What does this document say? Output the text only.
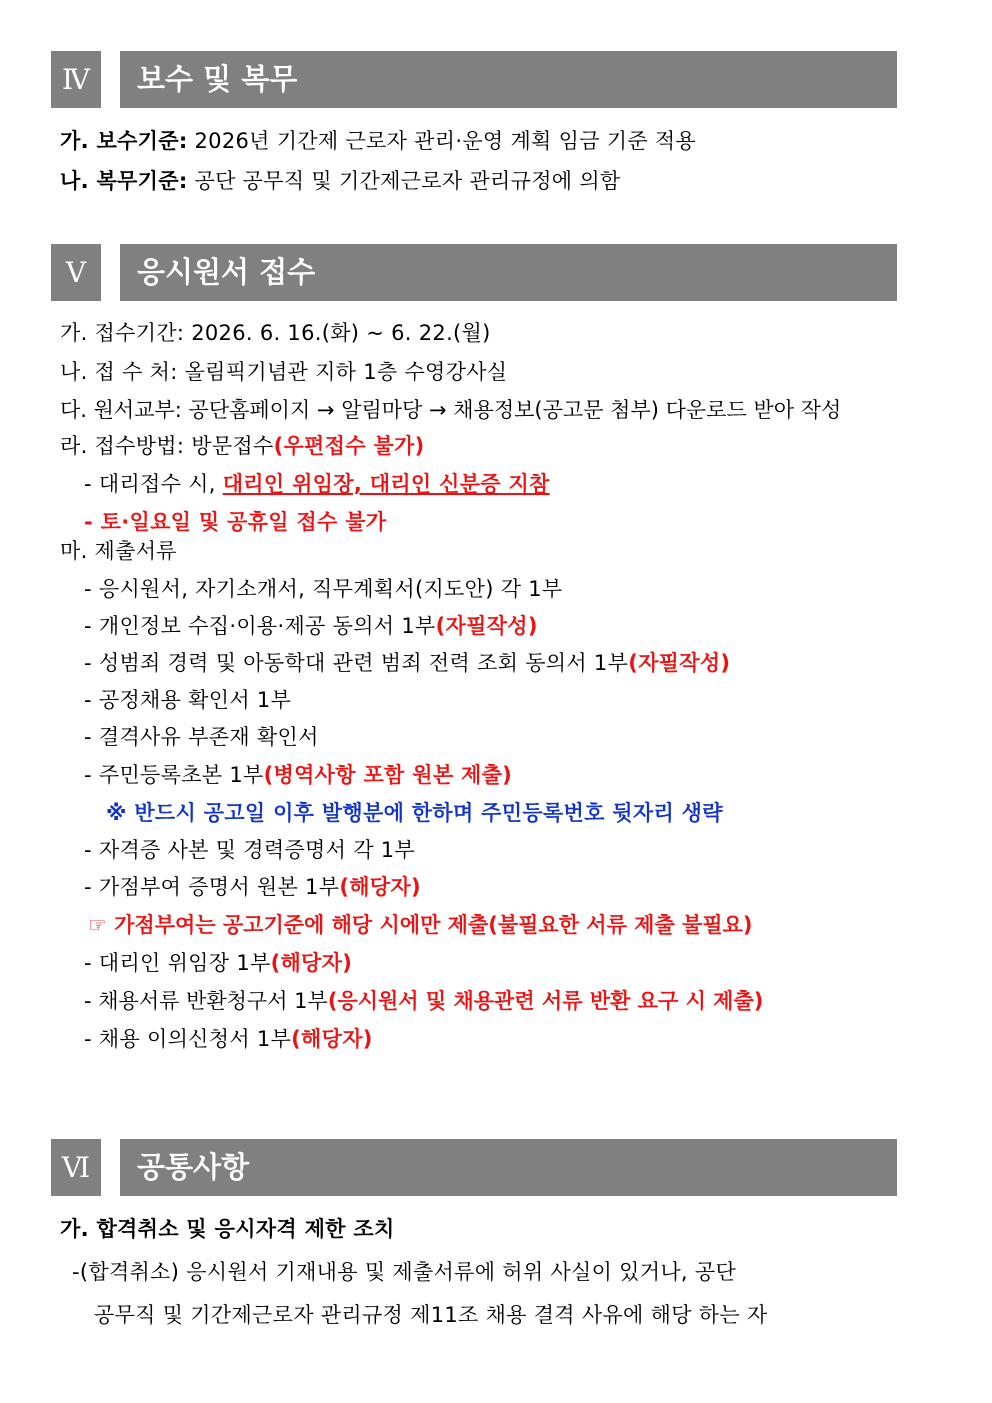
Ⅳ	보수 및 복무
가. 보수기준: 2026년 기간제 근로자 관리·운영 계획 임금 기준 적용
나. 복무기준: 공단 공무직 및 기간제근로자 관리규정에 의함
Ⅴ	응시원서 접수
가. 접수기간: 2026. 6. 16.(화) ~ 6. 22.(월)
나. 접 수 처: 올림픽기념관 지하 1층 수영강사실
다. 원서교부: 공단홈페이지 → 알림마당 → 채용정보(공고문 첨부) 다운로드 받아 작성
라. 접수방법: 방문접수(우편접수 불가)
- 대리접수 시, 대리인 위임장, 대리인 신분증 지참
- 토·일요일 및 공휴일 접수 불가
마. 제출서류
- 응시원서, 자기소개서, 직무계획서(지도안) 각 1부
- 개인정보 수집·이용·제공 동의서 1부(자필작성)
- 성범죄 경력 및 아동학대 관련 범죄 전력 조회 동의서 1부(자필작성)
- 공정채용 확인서 1부
- 결격사유 부존재 확인서
- 주민등록초본 1부(병역사항 포함 원본 제출)
※ 반드시 공고일 이후 발행분에 한하며 주민등록번호 뒷자리 생략
- 자격증 사본 및 경력증명서 각 1부
- 가점부여 증명서 원본 1부(해당자)
☞ 가점부여는 공고기준에 해당 시에만 제출(불필요한 서류 제출 불필요)
- 대리인 위임장 1부(해당자)
- 채용서류 반환청구서 1부(응시원서 및 채용관련 서류 반환 요구 시 제출)
- 채용 이의신청서 1부(해당자)
Ⅵ	공통사항
가. 합격취소 및 응시자격 제한 조치
-(합격취소) 응시원서 기재내용 및 제출서류에 허위 사실이 있거나, 공단
공무직 및 기간제근로자 관리규정 제11조 채용 결격 사유에 해당 하는 자
